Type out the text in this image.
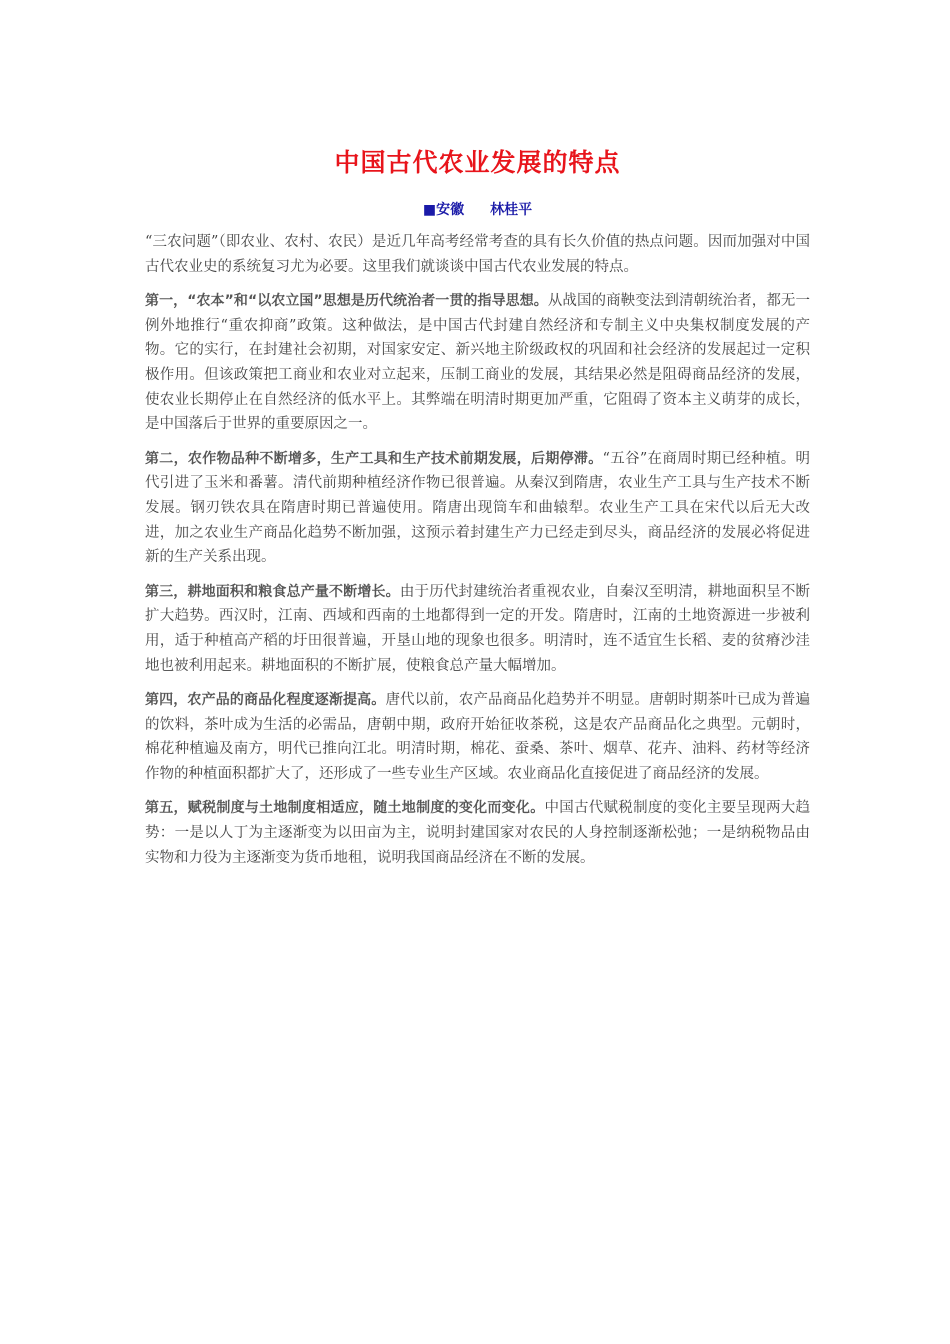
中国古代农业发展的特点
■安徽 林桂平

“三农问题”（即农业、农村、农民）是近几年高考经常考查的具有长久价值的热点问题。因而加强对中国古代农业史的系统复习尤为必要。这里我们就谈谈中国古代农业发展的特点。

第一，“农本”和“以农立国”思想是历代统治者一贯的指导思想。从战国的商鞅变法到清朝统治者，都无一例外地推行“重农抑商”政策。这种做法，是中国古代封建自然经济和专制主义中央集权制度发展的产物。它的实行，在封建社会初期，对国家安定、新兴地主阶级政权的巩固和社会经济的发展起过一定积极作用。但该政策把工商业和农业对立起来，压制工商业的发展，其结果必然是阻碍商品经济的发展，使农业长期停止在自然经济的低水平上。其弊端在明清时期更加严重，它阻碍了资本主义萌芽的成长，是中国落后于世界的重要原因之一。

第二，农作物品种不断增多，生产工具和生产技术前期发展，后期停滞。“五谷”在商周时期已经种植。明代引进了玉米和番薯。清代前期种植经济作物已很普遍。从秦汉到隋唐，农业生产工具与生产技术不断发展。钢刃铁农具在隋唐时期已普遍使用。隋唐出现筒车和曲辕犁。农业生产工具在宋代以后无大改进，加之农业生产商品化趋势不断加强，这预示着封建生产力已经走到尽头，商品经济的发展必将促进新的生产关系出现。

第三，耕地面积和粮食总产量不断增长。由于历代封建统治者重视农业，自秦汉至明清，耕地面积呈不断扩大趋势。西汉时，江南、西域和西南的土地都得到一定的开发。隋唐时，江南的土地资源进一步被利用，适于种植高产稻的圩田很普遍，开垦山地的现象也很多。明清时，连不适宜生长稻、麦的贫瘠沙洼地也被利用起来。耕地面积的不断扩展，使粮食总产量大幅增加。

第四，农产品的商品化程度逐渐提高。唐代以前，农产品商品化趋势并不明显。唐朝时期茶叶已成为普遍的饮料，茶叶成为生活的必需品，唐朝中期，政府开始征收茶税，这是农产品商品化之典型。元朝时，棉花种植遍及南方，明代已推向江北。明清时期，棉花、蚕桑、茶叶、烟草、花卉、油料、药材等经济作物的种植面积都扩大了，还形成了一些专业生产区域。农业商品化直接促进了商品经济的发展。

第五，赋税制度与土地制度相适应，随土地制度的变化而变化。中国古代赋税制度的变化主要呈现两大趋势：一是以人丁为主逐渐变为以田亩为主，说明封建国家对农民的人身控制逐渐松弛；一是纳税物品由实物和力役为主逐渐变为货币地租，说明我国商品经济在不断的发展。
